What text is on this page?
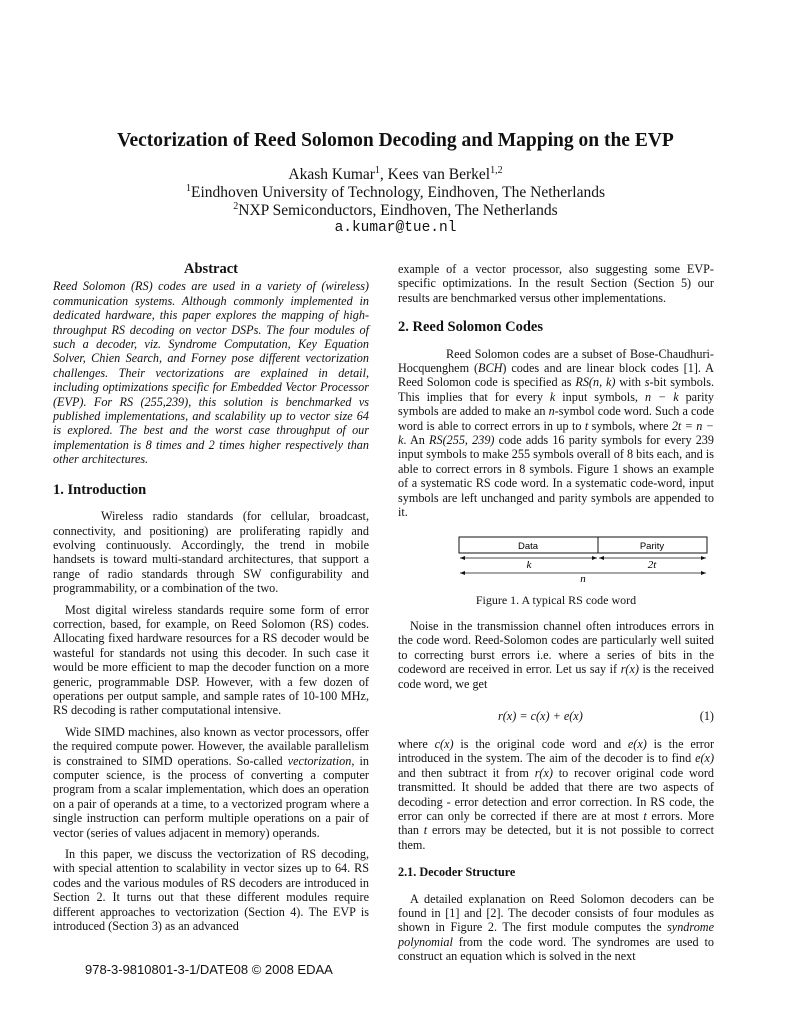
Vectorization of Reed Solomon Decoding and Mapping on the EVP
Akash Kumar$^1$, Kees van Berkel$^{1,2}$
$^1$Eindhoven University of Technology, Eindhoven, The Netherlands
$^2$NXP Semiconductors, Eindhoven, The Netherlands
a.kumar@tue.nl
Abstract

Reed Solomon (RS) codes are used in a variety of (wireless) communication systems. Although commonly implemented in dedicated hardware, this paper explores the mapping of high-throughput RS decoding on vector DSPs. The four modules of such a decoder, viz. Syndrome Computation, Key Equation Solver, Chien Search, and Forney pose different vectorization challenges. Their vectorizations are explained in detail, including optimizations specific for Embedded Vector Processor (EVP). For RS (255,239), this solution is benchmarked vs published implementations, and scalability up to vector size 64 is explored. The best and the worst case throughput of our implementation is 8 times and 2 times higher respectively than other architectures.

1. Introduction

Wireless radio standards (for cellular, broadcast, connectivity, and positioning) are proliferating rapidly and evolving continuously. Accordingly, the trend in mobile handsets is toward multi-standard architectures, that support a range of radio standards through SW configurability and programmability, or a combination of the two.

Most digital wireless standards require some form of error correction, based, for example, on Reed Solomon (RS) codes. Allocating fixed hardware resources for a RS decoder would be wasteful for standards not using this decoder. In such case it would be more efficient to map the decoder function on a more generic, programmable DSP. However, with a few dozen of operations per output sample, and sample rates of 10-100 MHz, RS decoding is rather computational intensive.

Wide SIMD machines, also known as vector processors, offer the required compute power. However, the available parallelism is constrained to SIMD operations. So-called vectorization, in computer science, is the process of converting a computer program from a scalar implementation, which does an operation on a pair of operands at a time, to a vectorized program where a single instruction can perform multiple operations on a pair of vector (series of values adjacent in memory) operands.

In this paper, we discuss the vectorization of RS decoding, with special attention to scalability in vector sizes up to 64. RS codes and the various modules of RS decoders are introduced in Section 2. It turns out that these different modules require different approaches to vectorization (Section 4). The EVP is introduced (Section 3) as an advanced

example of a vector processor, also suggesting some EVP-specific optimizations. In the result Section (Section 5) our results are benchmarked versus other implementations.

2. Reed Solomon Codes

Reed Solomon codes are a subset of Bose-Chaudhuri-Hocquenghem (BCH) codes and are linear block codes [1]. A Reed Solomon code is specified as RS(n, k) with s-bit symbols. This implies that for every k input symbols, n − k parity symbols are added to make an n-symbol code word. Such a code word is able to correct errors in up to t symbols, where 2t = n − k. An RS(255, 239) code adds 16 parity symbols for every 239 input symbols to make 255 symbols overall of 8 bits each, and is able to correct errors in 8 symbols. Figure 1 shows an example of a systematic RS code word. In a systematic code-word, input symbols are left unchanged and parity symbols are appended to it.

Data	Parity
k	2t
n

Figure 1. A typical RS code word

Noise in the transmission channel often introduces errors in the code word. Reed-Solomon codes are particularly well suited to correcting burst errors i.e. where a series of bits in the codeword are received in error. Let us say if r(x) is the received code word, we get

r(x) = c(x) + e(x)	(1)

where c(x) is the original code word and e(x) is the error introduced in the system. The aim of the decoder is to find e(x) and then subtract it from r(x) to recover original code word transmitted. It should be added that there are two aspects of decoding - error detection and error correction. In RS code, the error can only be corrected if there are at most t errors. More than t errors may be detected, but it is not possible to correct them.

2.1. Decoder Structure

A detailed explanation on Reed Solomon decoders can be found in [1] and [2]. The decoder consists of four modules as shown in Figure 2. The first module computes the syndrome polynomial from the code word. The syndromes are used to construct an equation which is solved in the next

978-3-9810801-3-1/DATE08 © 2008 EDAA
